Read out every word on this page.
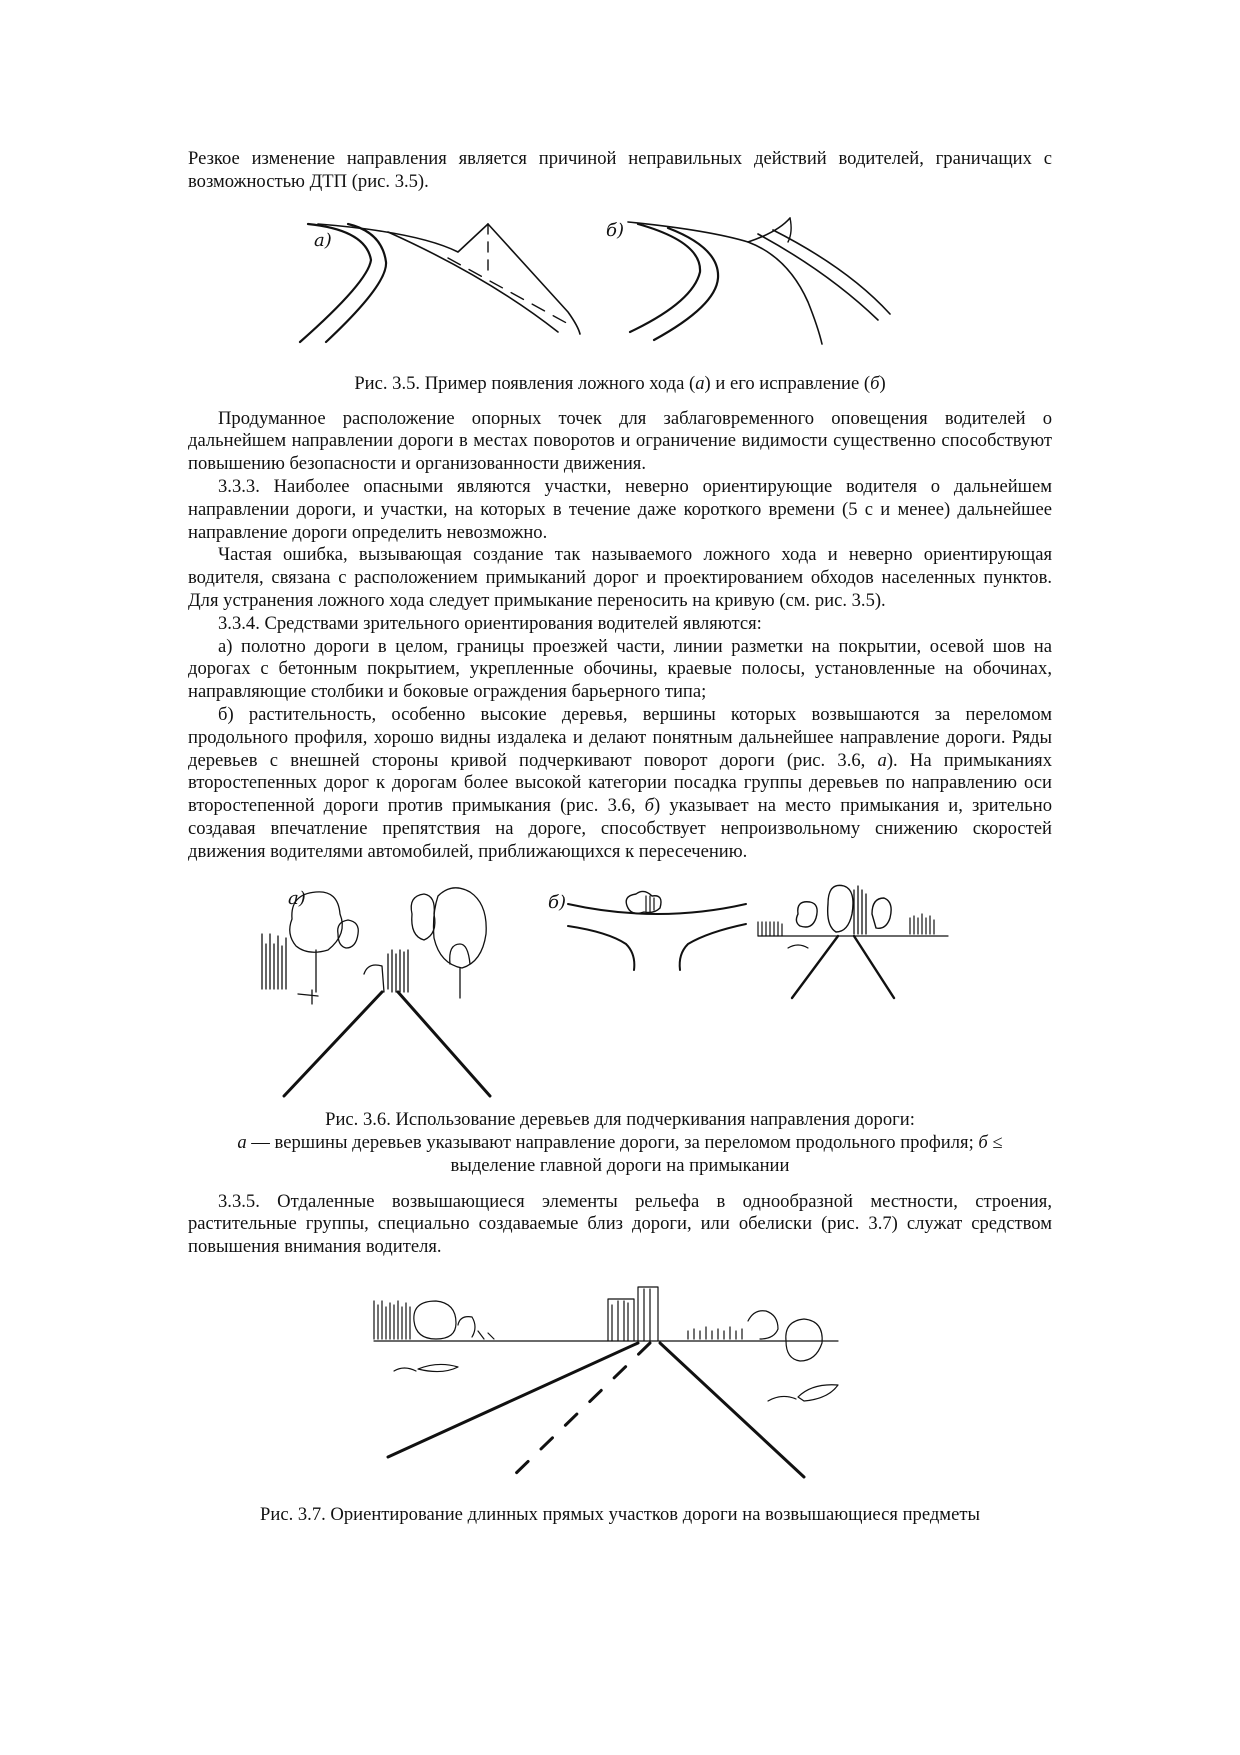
Резкое изменение направления является причиной неправильных действий водителей, граничащих с возможностью ДТП (рис. 3.5).

а)	б)

Рис. 3.5. Пример появления ложного хода (а) и его исправление (б)

Продуманное расположение опорных точек для заблаговременного оповещения водителей о дальнейшем направлении дороги в местах поворотов и ограничение видимости существенно способствуют повышению безопасности и организованности движения.

3.3.3. Наиболее опасными являются участки, неверно ориентирующие водителя о дальнейшем направлении дороги, и участки, на которых в течение даже короткого времени (5 с и менее) дальнейшее направление дороги определить невозможно.

Частая ошибка, вызывающая создание так называемого ложного хода и неверно ориентирующая водителя, связана с расположением примыканий дорог и проектированием обходов населенных пунктов. Для устранения ложного хода следует примыкание переносить на кривую (см. рис. 3.5).

3.3.4. Средствами зрительного ориентирования водителей являются:

а) полотно дороги в целом, границы проезжей части, линии разметки на покрытии, осевой шов на дорогах с бетонным покрытием, укрепленные обочины, краевые полосы, установленные на обочинах, направляющие столбики и боковые ограждения барьерного типа;

б) растительность, особенно высокие деревья, вершины которых возвышаются за переломом продольного профиля, хорошо видны издалека и делают понятным дальнейшее направление дороги. Ряды деревьев с внешней стороны кривой подчеркивают поворот дороги (рис. 3.6, а). На примыканиях второстепенных дорог к дорогам более высокой категории посадка группы деревьев по направлению оси второстепенной дороги против примыкания (рис. 3.6, б) указывает на место примыкания и, зрительно создавая впечатление препятствия на дороге, способствует непроизвольному снижению скоростей движения водителями автомобилей, приближающихся к пересечению.

а)	б)

Рис. 3.6. Использование деревьев для подчеркивания направления дороги:

а — вершины деревьев указывают направление дороги, за переломом продольного профиля; б ≤

выделение главной дороги на примыкании

3.3.5. Отдаленные возвышающиеся элементы рельефа в однообразной местности, строения, растительные группы, специально создаваемые близ дороги, или обелиски (рис. 3.7) служат средством повышения внимания водителя.

Рис. 3.7. Ориентирование длинных прямых участков дороги на возвышающиеся предметы
